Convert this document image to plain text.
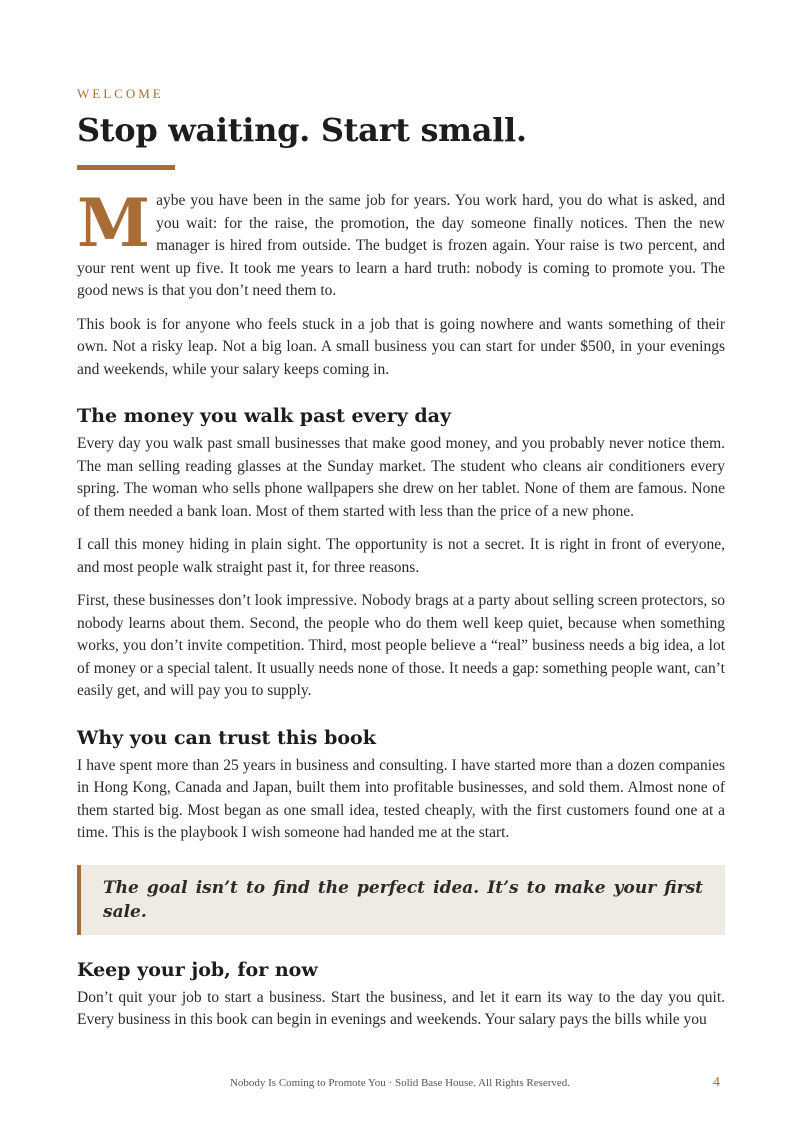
WELCOME
Stop waiting. Start small.

Maybe you have been in the same job for years. You work hard, you do what is asked, and you wait: for the raise, the promotion, the day someone finally notices. Then the new manager is hired from outside. The budget is frozen again. Your raise is two percent, and your rent went up five. It took me years to learn a hard truth: nobody is coming to promote you. The good news is that you don’t need them to.

This book is for anyone who feels stuck in a job that is going nowhere and wants something of their own. Not a risky leap. Not a big loan. A small business you can start for under $500, in your evenings and weekends, while your salary keeps coming in.

The money you walk past every day

Every day you walk past small businesses that make good money, and you probably never notice them. The man selling reading glasses at the Sunday market. The student who cleans air conditioners every spring. The woman who sells phone wallpapers she drew on her tablet. None of them are famous. None of them needed a bank loan. Most of them started with less than the price of a new phone.

I call this money hiding in plain sight. The opportunity is not a secret. It is right in front of everyone, and most people walk straight past it, for three reasons.

First, these businesses don’t look impressive. Nobody brags at a party about selling screen protectors, so nobody learns about them. Second, the people who do them well keep quiet, because when something works, you don’t invite competition. Third, most people believe a “real” business needs a big idea, a lot of money or a special talent. It usually needs none of those. It needs a gap: something people want, can’t easily get, and will pay you to supply.

Why you can trust this book

I have spent more than 25 years in business and consulting. I have started more than a dozen companies in Hong Kong, Canada and Japan, built them into profitable businesses, and sold them. Almost none of them started big. Most began as one small idea, tested cheaply, with the first customers found one at a time. This is the playbook I wish someone had handed me at the start.

The goal isn’t to find the perfect idea. It’s to make your first sale.
Keep your job, for now

Don’t quit your job to start a business. Start the business, and let it earn its way to the day you quit. Every business in this book can begin in evenings and weekends. Your salary pays the bills while you

Nobody Is Coming to Promote You · Solid Base House. All Rights Reserved.	4
